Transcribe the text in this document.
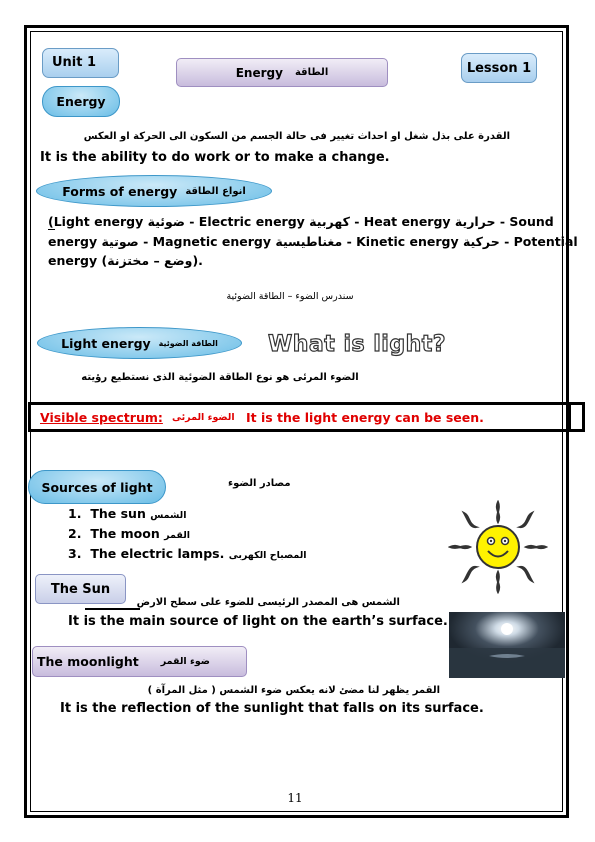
Unit 1
Energy الطاقة	Lesson 1
Energy
القدرة على بذل شغل او احداث تغيير فى حالة الجسم من السكون الى الحركة او العكس
It is the ability to do work or to make a change.
Forms of energy انواع الطاقة
(Light energy ضوئية - Electric energy كهربية - Heat energy حرارية - Sound
energy صوتية - Magnetic energy مغناطيسية - Kinetic energy حركية - Potential
energy (وضع – مختزنة).
سندرس الضوء – الطاقة الضوئية
Light energy الطاقة الضوئية What is light?
الضوء المرئى هو نوع الطاقة الضوئية الذى نستطيع رؤيته
Visible spectrum: الضوء المرئى It is the light energy can be seen.
Sources of light	مصادر الضوء
1. The sun الشمس
2. The moon القمر
3. The electric lamps. المصباح الكهربى
The Sun
الشمس هى المصدر الرئيسى للضوء على سطح الارض
It is the main source of light on the earth’s surface.
The moonlight ضوء القمر
القمر يظهر لنا مضئ لانه يعكس ضوء الشمس ( مثل المرآة )
It is the reflection of the sunlight that falls on its surface.
11
